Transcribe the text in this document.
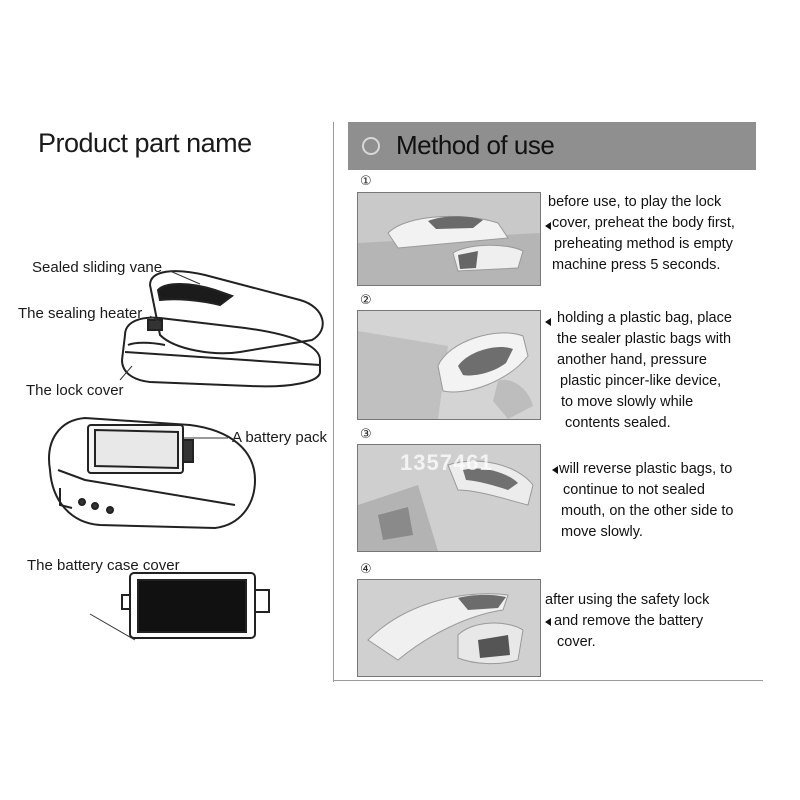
Product part name
Sealed sliding vane
The sealing heater
The lock cover
A battery pack
The battery case cover
Method of use
①
before use, to play the lock
cover, preheat the body first,
preheating method is empty
machine press 5 seconds.
②
holding a plastic bag, place
the sealer plastic bags with
another hand, pressure
plastic pincer-like device,
to move slowly while
contents sealed.
③
1357461	will reverse plastic bags, to
continue to not sealed
mouth, on the other side to
move slowly.
④
after using the safety lock
and remove the battery
cover.
